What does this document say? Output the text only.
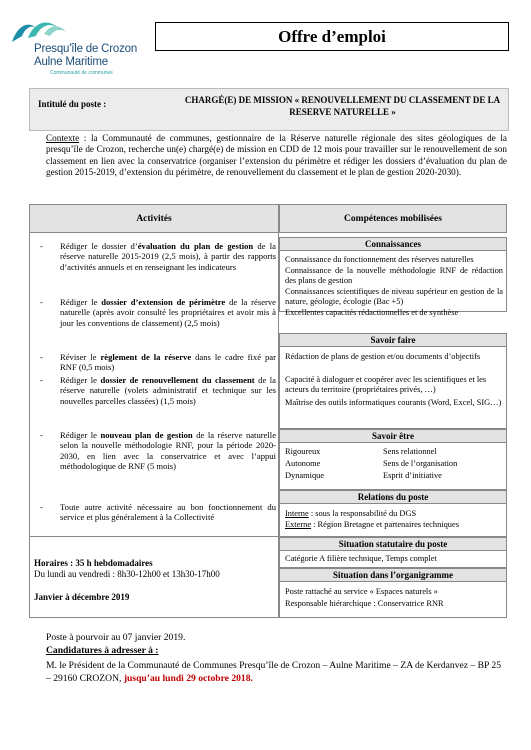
Presqu'île de Crozon
Aulne Maritime
Communauté de communes
Offre d’emploi
Intitulé du poste :	CHARGÉ(E) DE MISSION « RENOUVELLEMENT DU CLASSEMENT DE LA RESERVE NATURELLE »
Contexte : la Communauté de communes, gestionnaire de la Réserve naturelle régionale des sites géologiques de la presqu’île de Crozon, recherche un(e) chargé(e) de mission en CDD de 12 mois pour travailler sur le renouvellement de son classement en lien avec la conservatrice (organiser l’extension du périmètre et rédiger les dossiers d’évaluation du plan de gestion 2015-2019, d’extension du périmètre, de renouvellement du classement et le plan de gestion 2020-2030).
Activités	Compétences mobilisées
- Rédiger le dossier d’évaluation du plan de gestion de la réserve naturelle 2015-2019 (2,5 mois), à partir des rapports d’activités annuels et en renseignant les indicateurs
- Rédiger le dossier d’extension de périmètre de la réserve naturelle (après avoir consulté les propriétaires et avoir mis à jour les conventions de classement) (2,5 mois)
- Réviser le règlement de la réserve dans le cadre fixé par RNF (0,5 mois)
- Rédiger le dossier de renouvellement du classement de la réserve naturelle (volets administratif et technique sur les nouvelles parcelles classées) (1,5 mois)
- Rédiger le nouveau plan de gestion de la réserve naturelle selon la nouvelle méthodologie RNF, pour la période 2020-2030, en lien avec la conservatrice et avec l’appui méthodologique de RNF (5 mois)
- Toute autre activité nécessaire au bon fonctionnement du service et plus généralement à la Collectivité
Connaissances

Connaissance du fonctionnement des réserves naturelles

Connaissance de la nouvelle méthodologie RNF de rédaction des plans de gestion

Connaissances scientifiques de niveau supérieur en gestion de la nature, géologie, écologie (Bac +5)

Excellentes capacités rédactionnelles et de synthèse

Savoir faire

Rédaction de plans de gestion et/ou documents d’objectifs

Capacité à dialoguer et coopérer avec les scientifiques et les acteurs du territoire (propriétaires privés, …)

Maîtrise des outils informatiques courants (Word, Excel, SIG…)

Savoir être

Rigoureux

Autonome

Dynamique

Sens relationnel

Sens de l’organisation

Esprit d’initiative

Relations du poste

Interne : sous la responsabilité du DGS

Externe : Région Bretagne et partenaires techniques

Situation statutaire du poste

Catégorie A filière technique, Temps complet

Situation dans l’organigramme

Poste rattaché au service « Espaces naturels »

Responsable hiérarchique : Conservatrice RNR

Horaires : 35 h hebdomadaires
Du lundi au vendredi : 8h30-12h00 et 13h30-17h00
Janvier à décembre 2019
Poste à pourvoir au 07 janvier 2019.
Candidatures à adresser à :
M. le Président de la Communauté de Communes Presqu’île de Crozon – Aulne Maritime – ZA de Kerdanvez – BP 25 – 29160 CROZON, jusqu’au lundi 29 octobre 2018.
